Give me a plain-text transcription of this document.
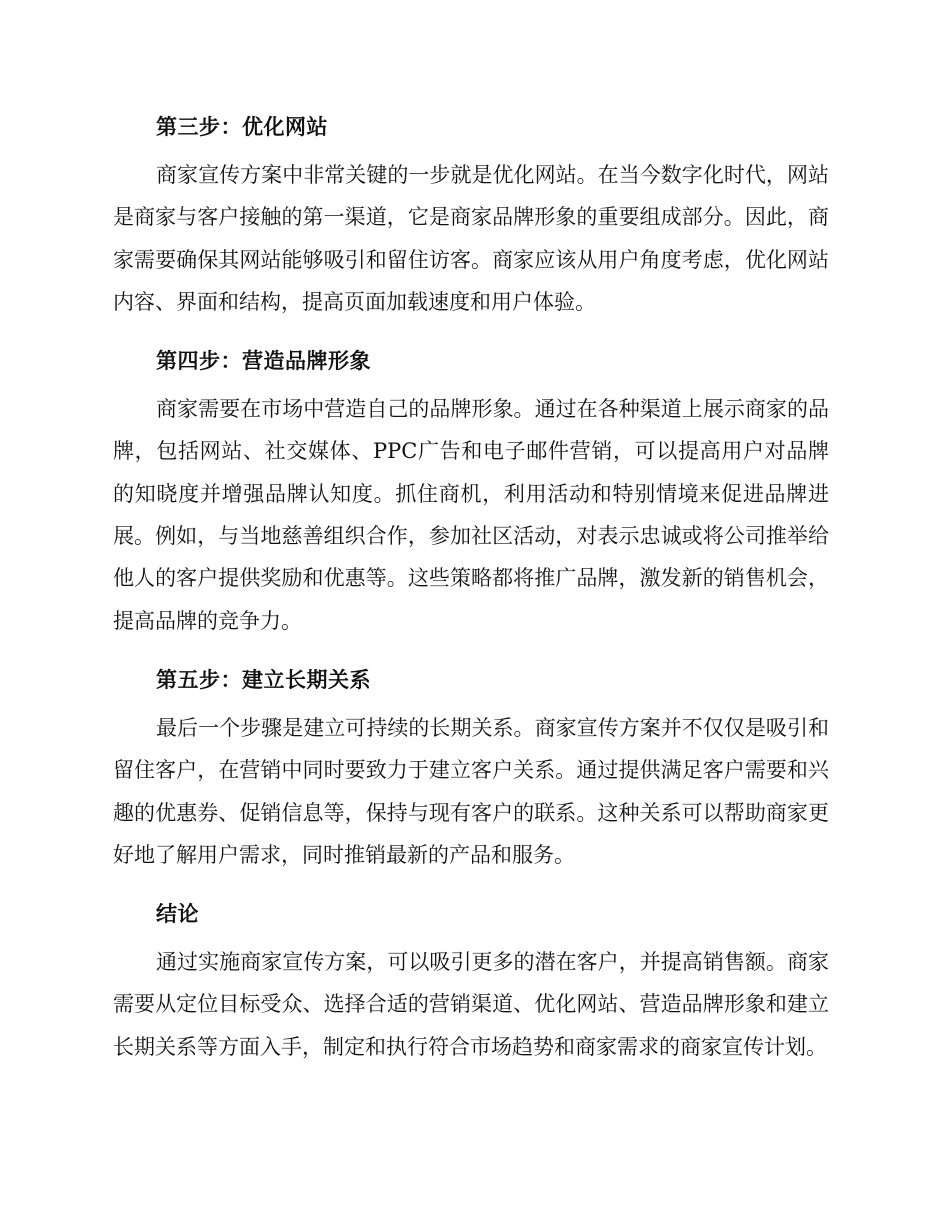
第三步：优化网站

商家宣传方案中非常关键的一步就是优化网站。在当今数字化时代，网站是商家与客户接触的第一渠道，它是商家品牌形象的重要组成部分。因此，商家需要确保其网站能够吸引和留住访客。商家应该从用户角度考虑，优化网站内容、界面和结构，提高页面加载速度和用户体验。

第四步：营造品牌形象

商家需要在市场中营造自己的品牌形象。通过在各种渠道上展示商家的品牌，包括网站、社交媒体、PPC广告和电子邮件营销，可以提高用户对品牌的知晓度并增强品牌认知度。抓住商机，利用活动和特别情境来促进品牌进展。例如，与当地慈善组织合作，参加社区活动，对表示忠诚或将公司推举给他人的客户提供奖励和优惠等。这些策略都将推广品牌，激发新的销售机会，提高品牌的竞争力。

第五步：建立长期关系

最后一个步骤是建立可持续的长期关系。商家宣传方案并不仅仅是吸引和留住客户，在营销中同时要致力于建立客户关系。通过提供满足客户需要和兴趣的优惠券、促销信息等，保持与现有客户的联系。这种关系可以帮助商家更好地了解用户需求，同时推销最新的产品和服务。

结论

通过实施商家宣传方案，可以吸引更多的潜在客户，并提高销售额。商家需要从定位目标受众、选择合适的营销渠道、优化网站、营造品牌形象和建立长期关系等方面入手，制定和执行符合市场趋势和商家需求的商家宣传计划。
